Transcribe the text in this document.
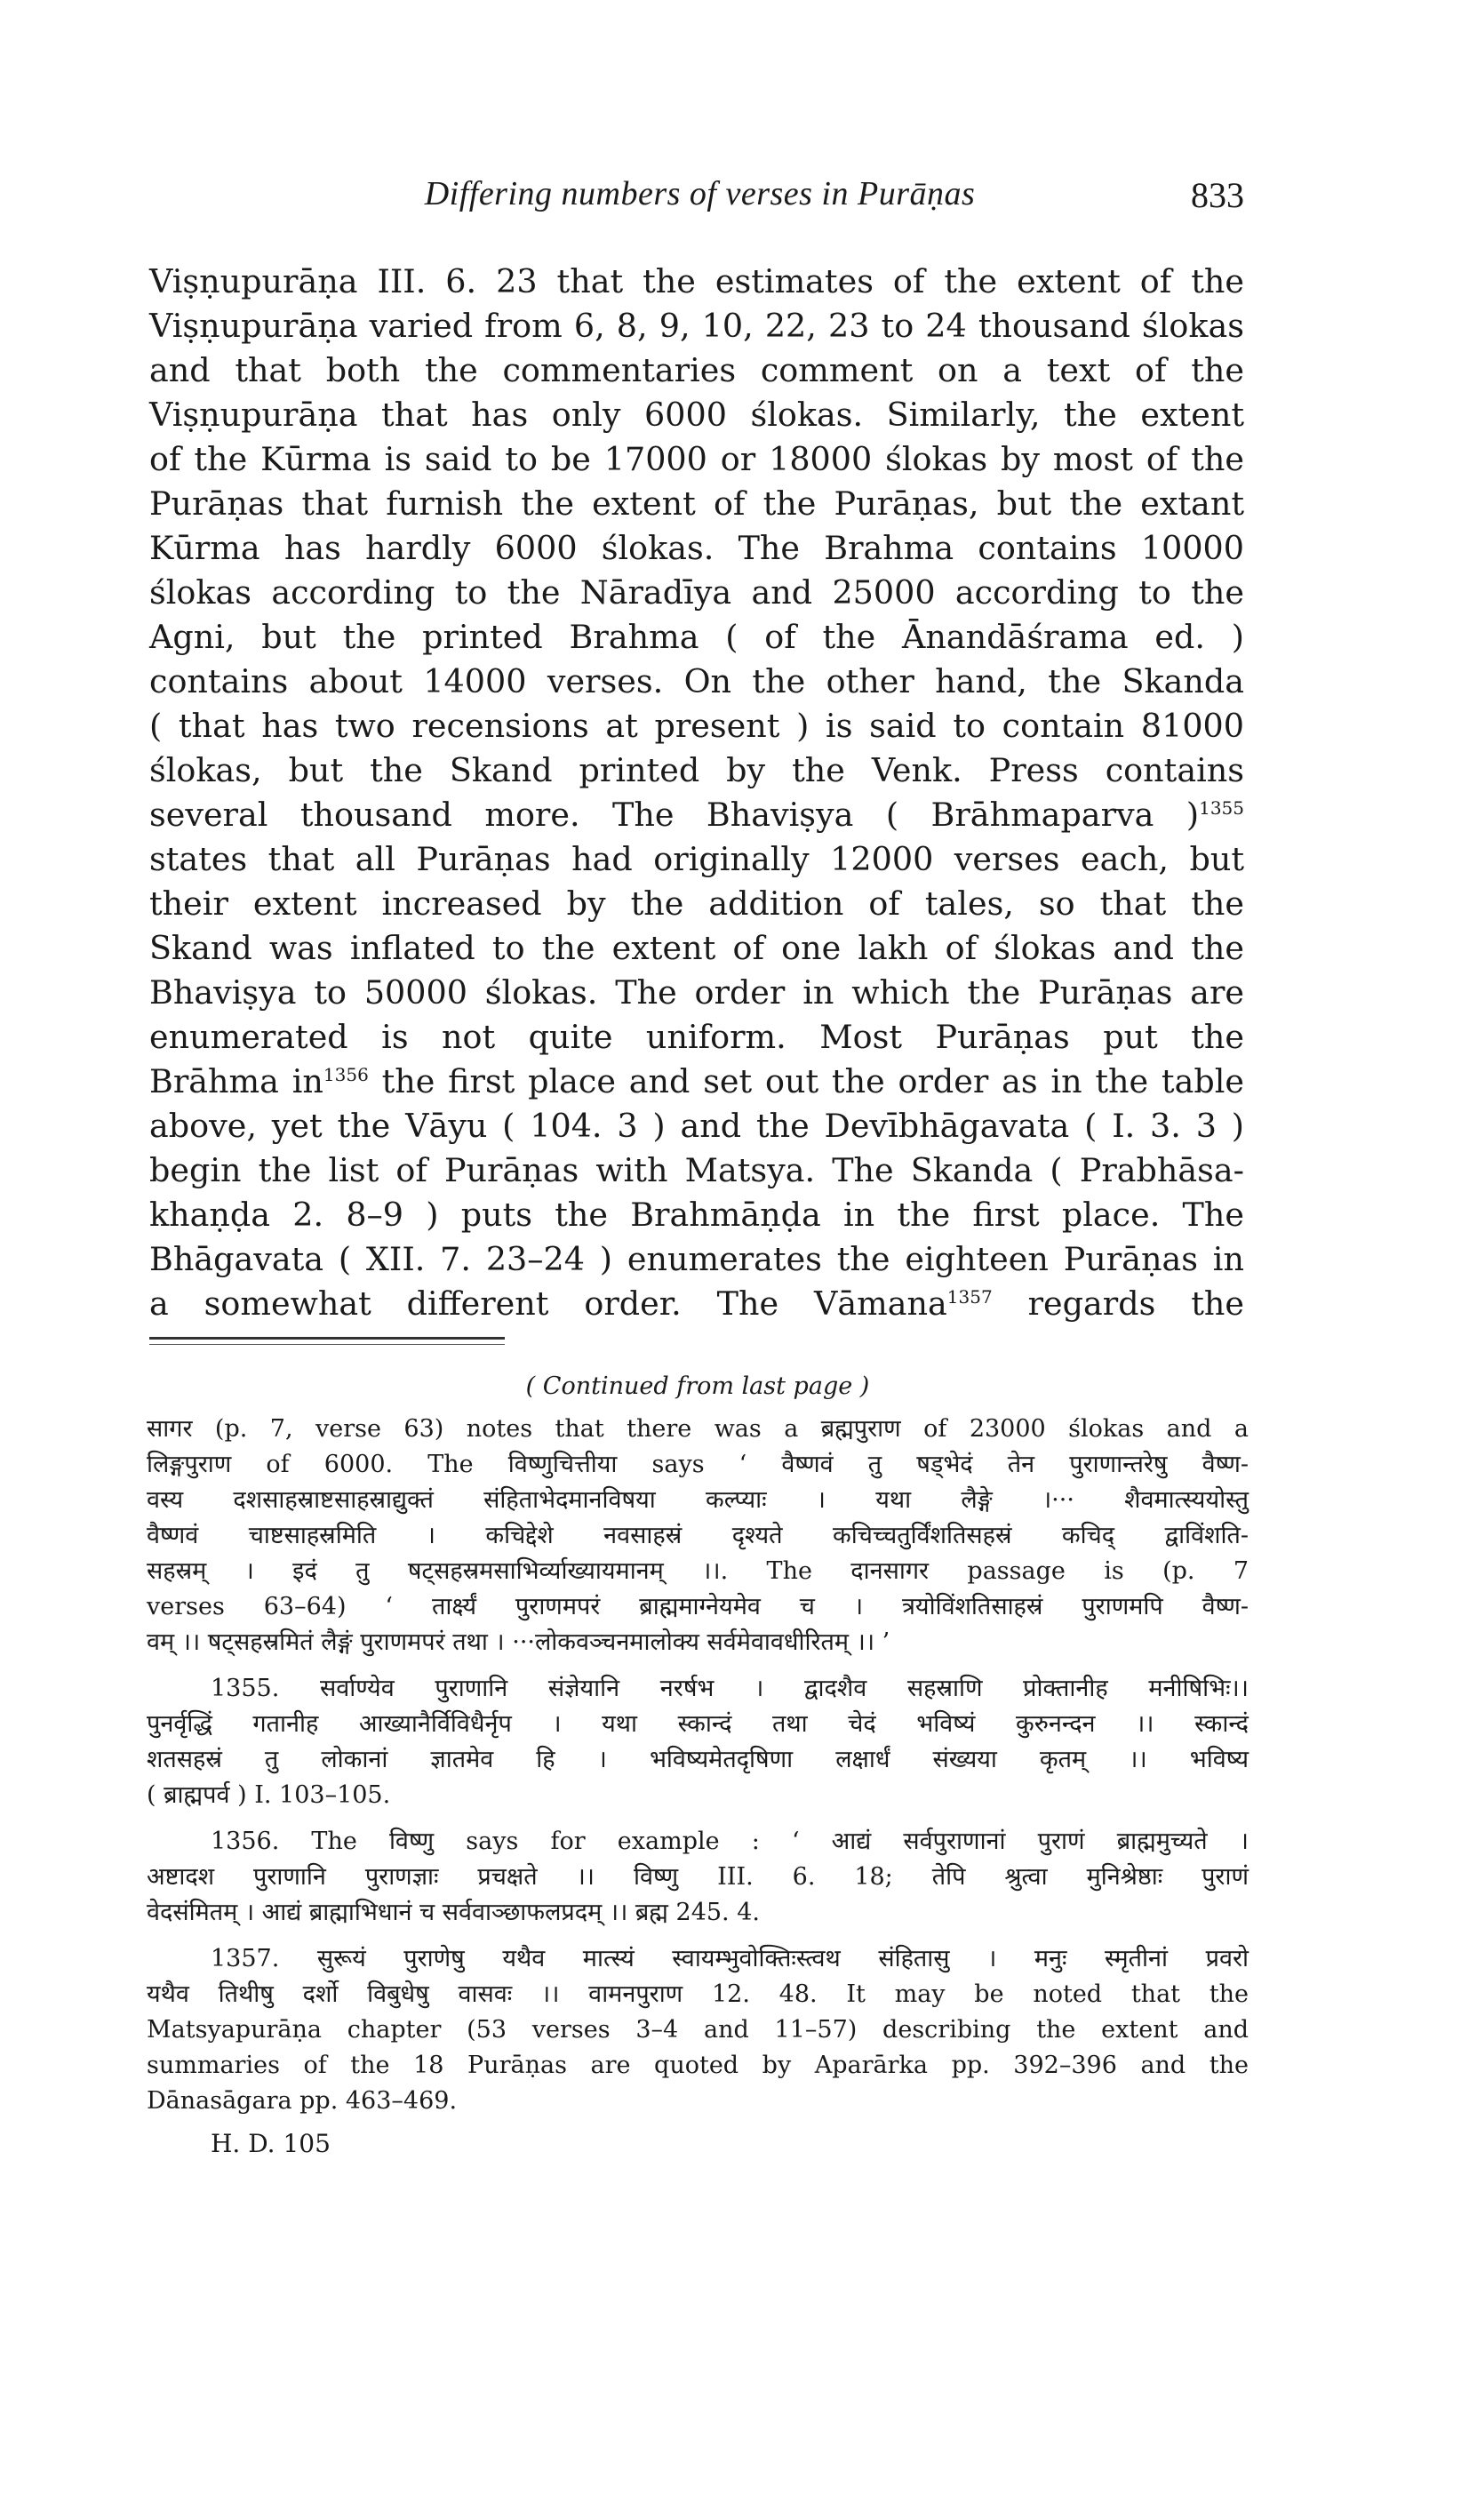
Differing numbers of verses in Purāṇas	833
Viṣṇupurāṇa III. 6. 23 that the estimates of the extent of the
Viṣṇupurāṇa varied from 6, 8, 9, 10, 22, 23 to 24 thousand ślokas
and that both the commentaries comment on a text of the
Viṣṇupurāṇa that has only 6000 ślokas. Similarly, the extent
of the Kūrma is said to be 17000 or 18000 ślokas by most of the
Purāṇas that furnish the extent of the Purāṇas, but the extant
Kūrma has hardly 6000 ślokas. The Brahma contains 10000
ślokas according to the Nāradīya and 25000 according to the
Agni, but the printed Brahma ( of the Ānandāśrama ed. )
contains about 14000 verses. On the other hand, the Skanda
( that has two recensions at present ) is said to contain 81000
ślokas, but the Skand printed by the Venk. Press contains
several thousand more. The Bhaviṣya ( Brāhmaparva )$^{1355}$
states that all Purāṇas had originally 12000 verses each, but
their extent increased by the addition of tales, so that the
Skand was inflated to the extent of one lakh of ślokas and the
Bhaviṣya to 50000 ślokas. The order in which the Purāṇas are
enumerated is not quite uniform. Most Purāṇas put the
Brāhma $in^{1356}$ the first place and set out the order as in the table
above, yet the Vāyu ( 104. 3 ) and the Devībhāgavata ( I. 3. 3 )
begin the list of Purāṇas with Matsya. The Skanda ( Prabhāsa-
khaṇḍa 2. 8–9 ) puts the Brahmāṇḍa in the first place. The
Bhāgavata ( XII. 7. 23–24 ) enumerates the eighteen Purāṇas in
a somewhat different order. The Vāmana$^{1357}$ regards the
( Continued from last page )
सागर (p. 7, verse 63) notes that there was a ब्रह्मपुराण of 23000 ślokas and a
लिङ्गपुराण of 6000. The विष्णुचित्तीया says ‘ वैष्णवं तु षड्भेदं तेन पुराणान्तरेषु वैष्ण-
वस्य दशसाहस्राष्टसाहस्राद्युक्तं संहिताभेदमानविषया कल्प्याः । यथा लैङ्गे ।··· शैवमात्स्ययोस्तु
वैष्णवं चाष्टसाहस्रमिति । कचिद्देशे नवसाहस्रं दृश्यते कचिच्चतुर्विंशतिसहस्रं कचिद् द्वाविंशति-
सहस्रम् । इदं तु षट्सहस्रमसाभिर्व्याख्यायमानम् ।।. The दानसागर passage is (p. 7
verses 63–64) ‘ तार्क्ष्यं पुराणमपरं ब्राह्ममाग्नेयमेव च । त्रयोविंशतिसाहस्रं पुराणमपि वैष्ण-
वम् ।। षट्सहस्रमितं लैङ्गं पुराणमपरं तथा । ···लोकवञ्चनमालोक्य सर्वमेवावधीरितम् ।। ’
1355. सर्वाण्येव पुराणानि संज्ञेयानि नरर्षभ । द्वादशैव सहस्राणि प्रोक्तानीह मनीषिभिः।।
पुनर्वृद्धिं गतानीह आख्यानैर्विविधैर्नृप । यथा स्कान्दं तथा चेदं भविष्यं कुरुनन्दन ।। स्कान्दं
शतसहस्रं तु लोकानां ज्ञातमेव हि । भविष्यमेतदृषिणा लक्षार्धं संख्यया कृतम् ।। भविष्य
( ब्राह्मपर्व ) I. 103–105.
1356. The विष्णु says for example : ‘ आद्यं सर्वपुराणानां पुराणं ब्राह्ममुच्यते ।
अष्टादश पुराणानि पुराणज्ञाः प्रचक्षते ।। विष्णु III. 6. 18; तेपि श्रुत्वा मुनिश्रेष्ठाः पुराणं
वेदसंमितम् । आद्यं ब्राह्माभिधानं च सर्ववाञ्छाफलप्रदम् ।। ब्रह्म 245. 4.
1357. सुरूयं पुराणेषु यथैव मात्स्यं स्वायम्भुवोक्तिःस्त्वथ संहितासु । मनुः स्मृतीनां प्रवरो
यथैव तिथीषु दर्शो विबुधेषु वासवः ।। वामनपुराण 12. 48. It may be noted that the
Matsyapurāṇa chapter (53 verses 3–4 and 11–57) describing the extent and
summaries of the 18 Purāṇas are quoted by Aparārka pp. 392–396 and the
Dānasāgara pp. 463–469.
H. D. 105
